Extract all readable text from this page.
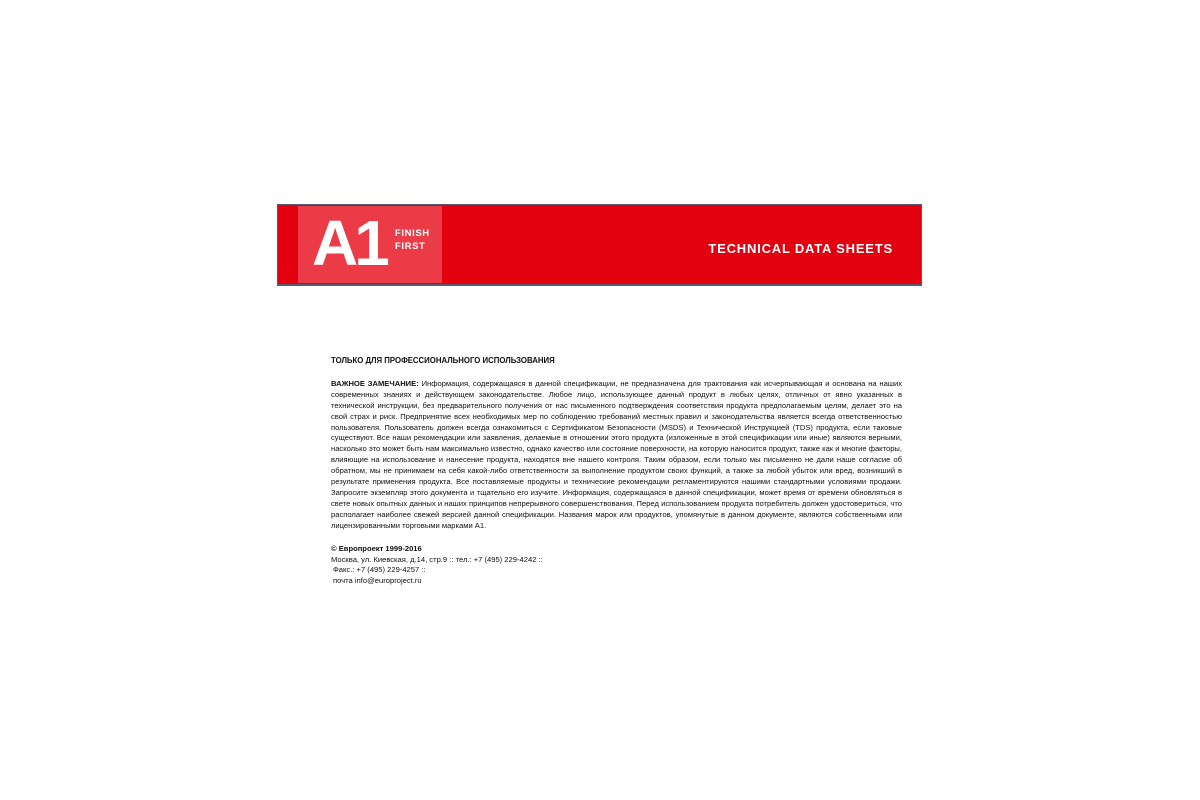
A1 FINISH
FIRST	TECHNICAL DATA SHEETS
ТОЛЬКО ДЛЯ ПРОФЕССИОНАЛЬНОГО ИСПОЛЬЗОВАНИЯ
ВАЖНОЕ ЗАМЕЧАНИЕ: Информация, содержащаяся в данной спецификации, не предназначена для трактования как исчерпывающая и основана на наших современных знаниях и действующем законодательстве. Любое лицо, использующее данный продукт в любых целях, отличных от явно указанных в технической инструкции, без предварительного получения от нас письменного подтверждения соответствия продукта предполагаемым целям, делает это на свой страх и риск. Предпринятие всех необходимых мер по соблюдению требований местных правил и законодательства является всегда ответственностью пользователя. Пользователь должен всегда ознакомиться с Сертификатом Безопасности (MSDS) и Технической Инструкцией (TDS) продукта, если таковые существуют. Все наши рекомендации или заявления, делаемые в отношении этого продукта (изложенные в этой спецификации или иные) являются верными, насколько это может быть нам максимально известно, однако качество или состояние поверхности, на которую наносится продукт, также как и многие факторы, влияющие на использование и нанесение продукта, находятся вне нашего контроля. Таким образом, если только мы письменно не дали наше согласие об обратном, мы не принимаем на себя какой-либо ответственности за выполнение продуктом своих функций, а также за любой убыток или вред, возникший в результате применения продукта. Все поставляемые продукты и технические рекомендации регламентируются нашими стандартными условиями продажи. Запросите экземпляр этого документа и тщательно его изучите. Информация, содержащаяся в данной спецификации, может время от времени обновляться в свете новых опытных данных и наших принципов непрерывного совершенствования. Перед использованием продукта потребитель должен удостовериться, что располагает наиболее свежей версией данной спецификации. Названия марок или продуктов, упомянутые в данном документе, являются собственными или лицензированными торговыми марками A1.
© Европроект 1999-2016
Москва, ул. Киевская, д.14, стр.9 :: тел.: +7 (495) 229-4242 ::
Факс.: +7 (495) 229-4257 ::
почта info@europroject.ru
